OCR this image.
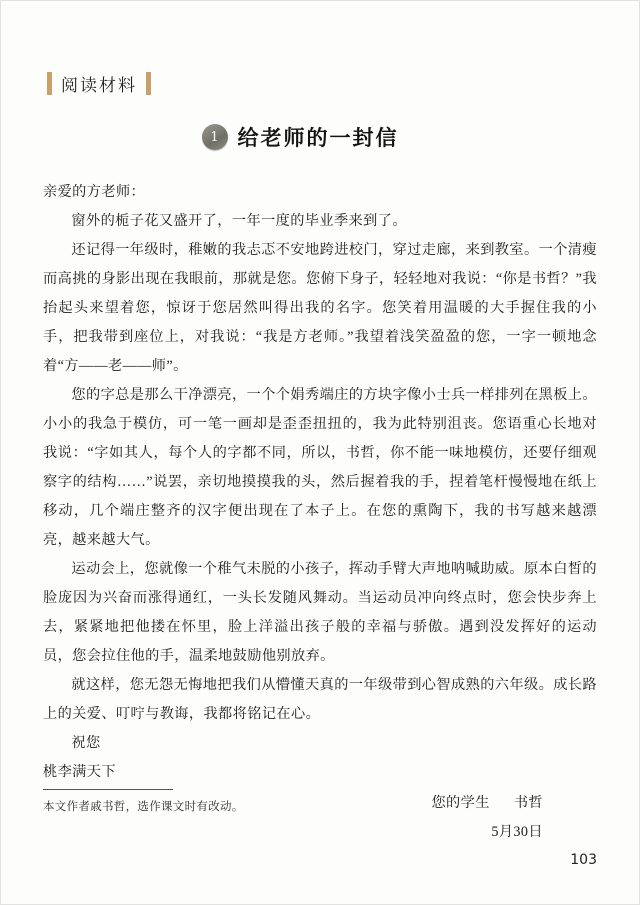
阅读材料
1 给老师的一封信

亲爱的方老师：

窗外的栀子花又盛开了，一年一度的毕业季来到了。

还记得一年级时，稚嫩的我忐忑不安地跨进校门，穿过走廊，来到教室。一个清瘦而高挑的身影出现在我眼前，那就是您。您俯下身子，轻轻地对我说：“你是书哲？”我抬起头来望着您，惊讶于您居然叫得出我的名字。您笑着用温暖的大手握住我的小手，把我带到座位上，对我说：“我是方老师。”我望着浅笑盈盈的您，一字一顿地念着“方——老——师”。

您的字总是那么干净漂亮，一个个娟秀端庄的方块字像小士兵一样排列在黑板上。小小的我急于模仿，可一笔一画却是歪歪扭扭的，我为此特别沮丧。您语重心长地对我说：“字如其人，每个人的字都不同，所以，书哲，你不能一味地模仿，还要仔细观察字的结构……”说罢，亲切地摸摸我的头，然后握着我的手，捏着笔杆慢慢地在纸上移动，几个端庄整齐的汉字便出现在了本子上。在您的熏陶下，我的书写越来越漂亮，越来越大气。

运动会上，您就像一个稚气未脱的小孩子，挥动手臂大声地呐喊助威。原本白皙的脸庞因为兴奋而涨得通红，一头长发随风舞动。当运动员冲向终点时，您会快步奔上去，紧紧地把他搂在怀里，脸上洋溢出孩子般的幸福与骄傲。遇到没发挥好的运动员，您会拉住他的手，温柔地鼓励他别放弃。

就这样，您无怨无悔地把我们从懵懂天真的一年级带到心智成熟的六年级。成长路上的关爱、叮咛与教诲，我都将铭记在心。

祝您

桃李满天下

您的学生 书哲
5月30日
本文作者戚书哲，选作课文时有改动。
103
